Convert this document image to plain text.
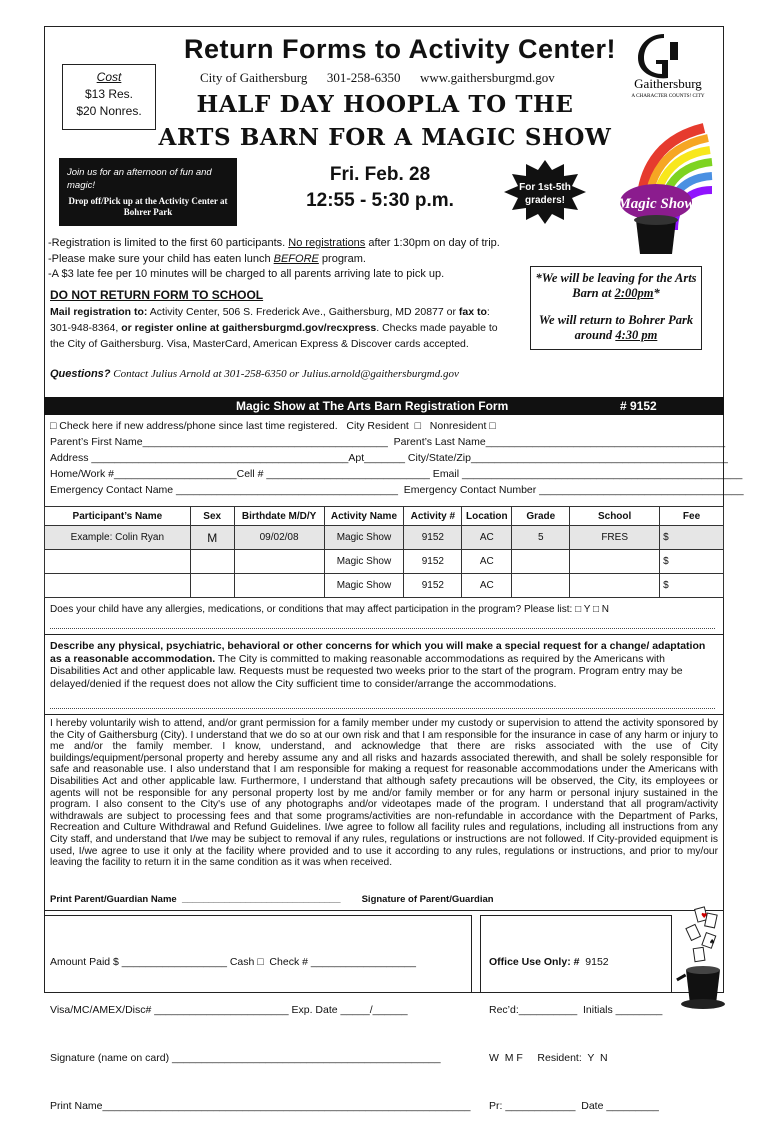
Return Forms to Activity Center!
City of Gaithersburg 301-258-6350 www.gaithersburgmd.gov
Cost
$13 Res.
$20 Nonres.
Gaithersburg
A CHARACTER COUNTS! CITY
HALF DAY HOOPLA TO THE
ARTS BARN FOR A MAGIC SHOW
Join us for an afternoon of fun and magic!
Drop off/Pick up at the Activity Center at Bohrer Park
Fri. Feb. 28
12:55 - 5:30 p.m.
For 1st-5th graders!	Magic Show
-Registration is limited to the first 60 participants. No registrations after 1:30pm on day of trip.
-Please make sure your child has eaten lunch BEFORE program.
-A $3 late fee per 10 minutes will be charged to all parents arriving late to pick up.	*We will be leaving for the Arts Barn at 2:00pm*
We will return to Bohrer Park around 4:30 pm
DO NOT RETURN FORM TO SCHOOL
Mail registration to: Activity Center, 506 S. Frederick Ave., Gaithersburg, MD 20877 or fax to: 301-948-8364, or register online at gaithersburgmd.gov/recxpress. Checks made payable to the City of Gaithersburg. Visa, MasterCard, American Express & Discover cards accepted.
Questions? Contact Julius Arnold at 301-258-6350 or Julius.arnold@gaithersburgmd.gov
Magic Show at The Arts Barn Registration Form	# 9152
□ Check here if new address/phone since last time registered.   City Resident  □   Nonresident □
Parent’s First Name__________________________________________  Parent’s Last Name_________________________________________
Address ____________________________________________Apt_______ City/State/Zip____________________________________________
Home/Work #_____________________Cell # ____________________________ Email ________________________________________________
Emergency Contact Name ______________________________________  Emergency Contact Number ___________________________________
Participant’s Name	Sex	Birthdate M/D/Y	Activity Name	Activity #	Location	Grade	School	Fee
Example: Colin Ryan	M	09/02/08	Magic Show	9152	AC	5	FRES	$
			Magic Show	9152	AC			$
			Magic Show	9152	AC			$
Does your child have any allergies, medications, or conditions that may affect participation in the program? Please list: □ Y □ N
Describe any physical, psychiatric, behavioral or other concerns for which you will make a special request for a change/ adaptation as a reasonable accommodation. The City is committed to making reasonable accommodations as required by the Americans with Disabilities Act and other applicable law. Requests must be requested two weeks prior to the start of the program. Program entry may be delayed/denied if the request does not allow the City sufficient time to consider/arrange the accommodations.
I hereby voluntarily wish to attend, and/or grant permission for a family member under my custody or supervision to attend the activity sponsored by the City of Gaithersburg (City). I understand that we do so at our own risk and that I am responsible for the insurance in case of any harm or injury to me and/or the family member. I know, understand, and acknowledge that there are risks associated with the use of City buildings/equipment/personal property and hereby assume any and all risks and hazards associated therewith, and shall be solely responsible for safe and reasonable use. I also understand that I am responsible for making a request for reasonable accommodations under the Americans with Disabilities Act and other applicable law. Furthermore, I understand that although safety precautions will be observed, the City, its employees or agents will not be responsible for any personal property lost by me and/or family member or for any harm or personal injury sustained in the program. I also consent to the City's use of any photographs and/or videotapes made of the program. I understand that all program/activity withdrawals are subject to processing fees and that some programs/activities are non-refundable in accordance with the Department of Parks, Recreation and Culture Withdrawal and Refund Guidelines. I/we agree to follow all facility rules and regulations, including all instructions from any City staff, and understand that I/we may be subject to removal if any rules, regulations or instructions are not followed. If City-provided equipment is used, I/we agree to use it only at the facility where provided and to use it according to any rules, regulations or instructions, and prior to my/our leaving the facility to return it in the same condition as it was when received.
Print Parent/Guardian Name  ______________________________        Signature of Parent/Guardian

Amount Paid $ __________________ Cash □  Check # __________________

Visa/MC/AMEX/Disc# _______________________ Exp. Date _____/______

Signature (name on card) ______________________________________________

Print Name_______________________________________________________________

Office Use Only: #  9152

Rec’d:__________  Initials ________

W  M F     Resident:  Y  N

Pr: ____________  Date _________

♥
♠
